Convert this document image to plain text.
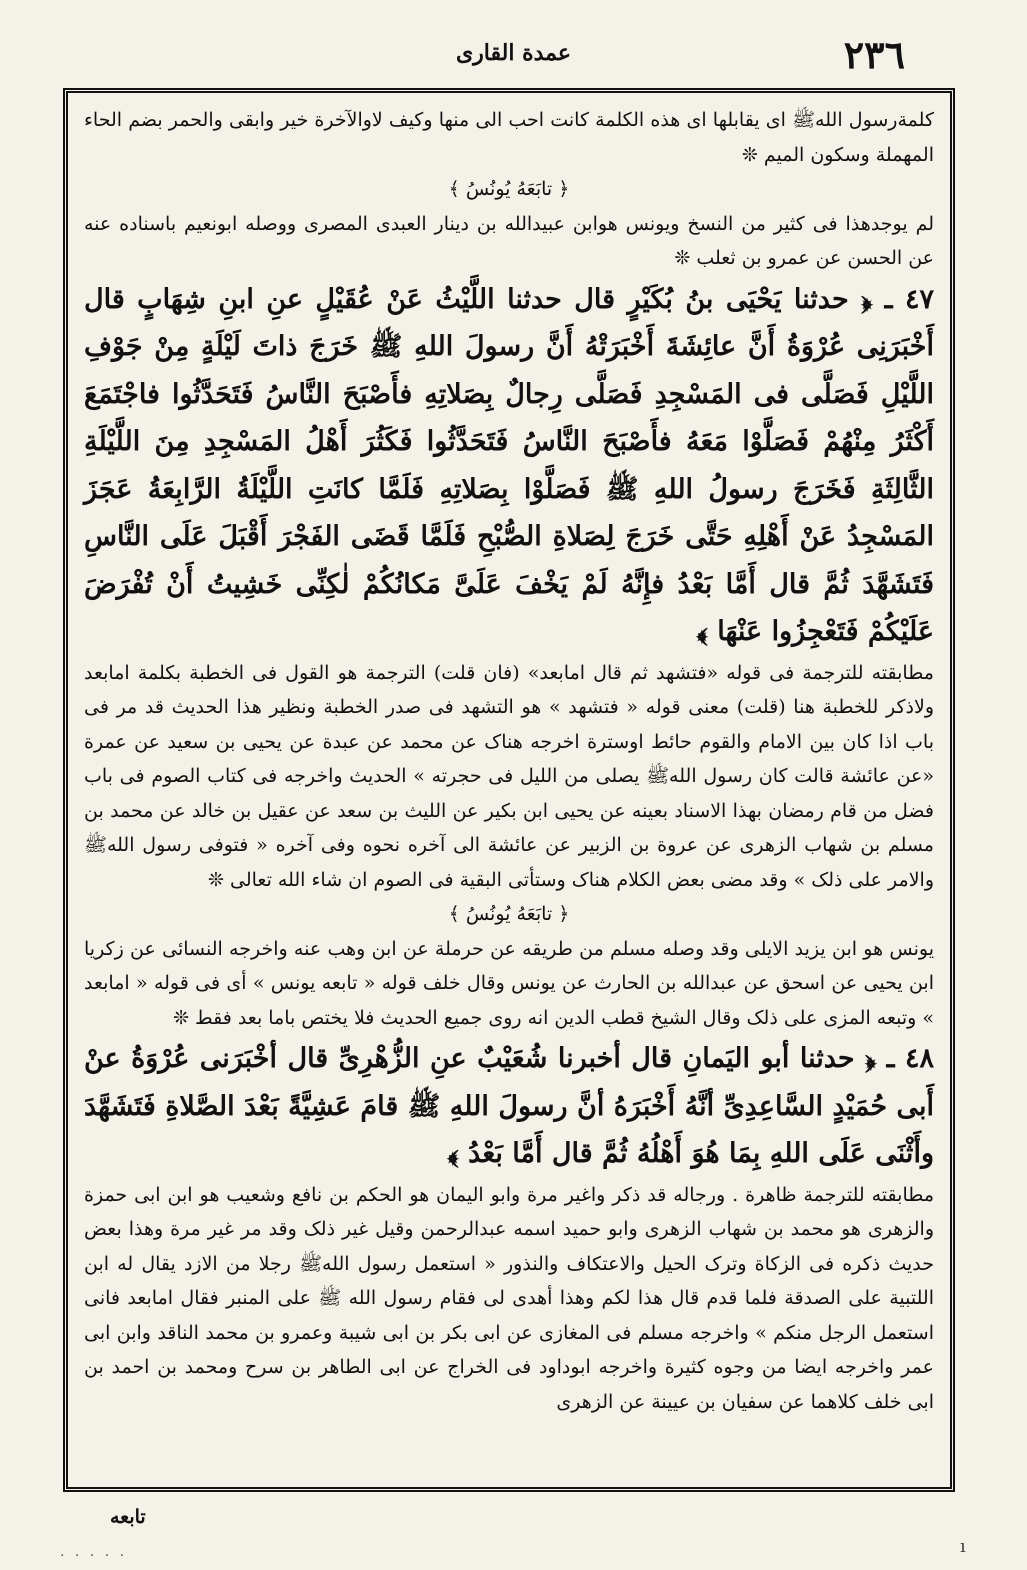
٢٣٦
عمدة القاری

کلمةرسول اللهﷺ ای یقابلها ای هذه الکلمة کانت احب الی منها وکیف لاوالآخرة خیر وابقی والحمر بضم الحاء المهملة وسکون المیم ❊

﴿ تابَعَهُ یُونُسُ ﴾

لم یوجدهذا فی کثیر من النسخ ویونس هوابن عبیدالله بن دینار العبدی المصری ووصله ابونعیم باسناده عنه عن الحسن عن عمرو بن ثعلب ❊

٤٧ ـ ﴿ حدثنا یَحْیَی بنُ بُکَیْرٍ قال حدثنا اللَّیْثُ عَنْ عُقَیْلٍ عنِ ابنِ شِهَابٍ قال أَخْبَرَنِی عُرْوَةُ أَنَّ عائِشَةَ أَخْبَرَتْهُ أَنَّ رسولَ اللهِ ﷺ خَرَجَ ذاتَ لَیْلَةٍ مِنْ جَوْفِ اللَّیْلِ فَصَلَّی فی المَسْجِدِ فَصَلَّی رِجالٌ بِصَلاتِهِ فأَصْبَحَ النَّاسُ فَتَحَدَّثُوا فاجْتَمَعَ أَکْثَرُ مِنْهُمْ فَصَلَّوْا مَعَهُ فأَصْبَحَ النَّاسُ فَتَحَدَّثُوا فَکَثُرَ أَهْلُ المَسْجِدِ مِنَ اللَّیْلَةِ الثَّالِثَةِ فَخَرَجَ رسولُ اللهِ ﷺ فَصَلَّوْا بِصَلاتِهِ فَلَمَّا کانَتِ اللَّیْلَةُ الرَّابِعَةُ عَجَزَ المَسْجِدُ عَنْ أَهْلِهِ حَتَّی خَرَجَ لِصَلاةِ الصُّبْحِ فَلَمَّا قَضَی الفَجْرَ أَقْبَلَ عَلَی النَّاسِ فَتَشَهَّدَ ثُمَّ قال أَمَّا بَعْدُ فإِنَّهُ لَمْ یَخْفَ عَلَیَّ مَکانُکُمْ لٰکِنِّی خَشِیتُ أَنْ تُفْرَضَ عَلَیْکُمْ فَتَعْجِزُوا عَنْهَا ﴾

مطابقته للترجمة فی قوله «فتشهد ثم قال امابعد» (فان قلت) الترجمة هو القول فی الخطبة بکلمة امابعد ولاذکر للخطبة هنا (قلت) معنی قوله « فتشهد » هو التشهد فی صدر الخطبة ونظیر هذا الحدیث قد مر فی باب اذا کان بین الامام والقوم حائط اوسترة اخرجه هناک عن محمد عن عبدة عن یحیی بن سعید عن عمرة «عن عائشة قالت کان رسول اللهﷺ یصلی من اللیل فی حجرته » الحدیث واخرجه فی کتاب الصوم فی باب فضل من قام رمضان بهذا الاسناد بعینه عن یحیی ابن بکیر عن اللیث بن سعد عن عقیل بن خالد عن محمد بن مسلم بن شهاب الزهری عن عروة بن الزبیر عن عائشة الی آخره نحوه وفی آخره « فتوفی رسول اللهﷺ والامر علی ذلک » وقد مضی بعض الکلام هناک وستأتی البقیة فی الصوم ان شاء الله تعالی ❊

﴿ تابَعَهُ یُونُسُ ﴾

یونس هو ابن یزید الایلی وقد وصله مسلم من طریقه عن حرملة عن ابن وهب عنه واخرجه النسائی عن زکریا ابن یحیی عن اسحق عن عبدالله بن الحارث عن یونس وقال خلف قوله « تابعه یونس » أی فی قوله « امابعد » وتبعه المزی علی ذلک وقال الشیخ قطب الدین انه روی جمیع الحدیث فلا یختص باما بعد فقط ❊

٤٨ ـ ﴿ حدثنا أبو الیَمانِ قال أخبرنا شُعَیْبٌ عنِ الزُّهْرِیِّ قال أخْبَرَنی عُرْوَةُ عنْ أَبی حُمَیْدٍ السَّاعِدِیِّ أنَّهُ أَخْبَرَهُ أنَّ رسولَ اللهِ ﷺ قامَ عَشِیَّةً بَعْدَ الصَّلاةِ فَتَشَهَّدَ وأَثْنَی عَلَی اللهِ بِمَا هُوَ أَهْلُهُ ثُمَّ قال أَمَّا بَعْدُ ﴾

مطابقته للترجمة ظاهرة . ورجاله قد ذکر واغیر مرة وابو الیمان هو الحکم بن نافع وشعیب هو ابن ابی حمزة والزهری هو محمد بن شهاب الزهری وابو حمید اسمه عبدالرحمن وقیل غیر ذلک وقد مر غیر مرة وهذا بعض حدیث ذکره فی الزکاة وترک الحیل والاعتکاف والنذور « استعمل رسول اللهﷺ رجلا من الازد یقال له ابن اللتبیة علی الصدقة فلما قدم قال هذا لکم وهذا أهدی لی فقام رسول الله ﷺ علی المنبر فقال امابعد فانی استعمل الرجل منکم » واخرجه مسلم فی المغازی عن ابی بکر بن ابی شیبة وعمرو بن محمد الناقد وابن ابی عمر واخرجه ایضا من وجوه کثیرة واخرجه ابوداود فی الخراج عن ابی الطاهر بن سرح ومحمد بن احمد بن ابی خلف کلاهما عن سفیان بن عیینة عن الزهری

تابعه
· · · · ·	ı
